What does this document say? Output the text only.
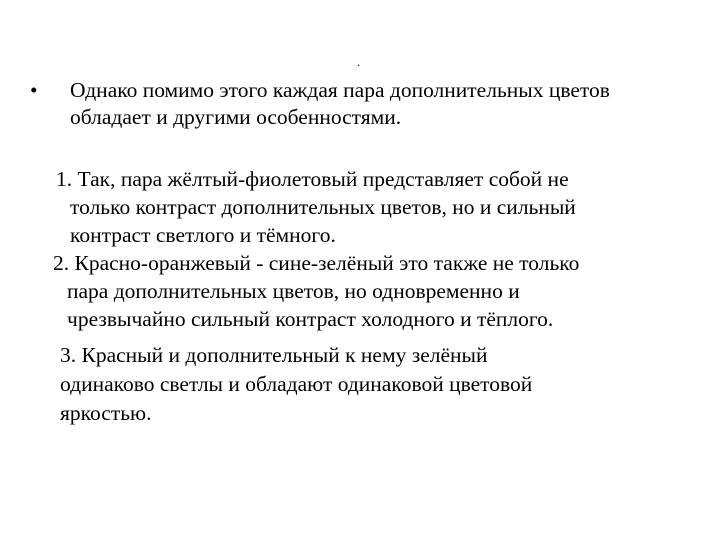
.
• Однако помимо этого каждая пара дополнительных цветов
обладает и другими особенностями.
1. Так, пара жёлтый-фиолетовый представляет собой не
только контраст дополнительных цветов, но и сильный
контраст светлого и тёмного.
2. Красно-оранжевый - сине-зелёный это также не только
пара дополнительных цветов, но одновременно и
чрезвычайно сильный контраст холодного и тёплого.
3. Красный и дополнительный к нему зелёный
одинаково светлы и обладают одинаковой цветовой
яркостью.
